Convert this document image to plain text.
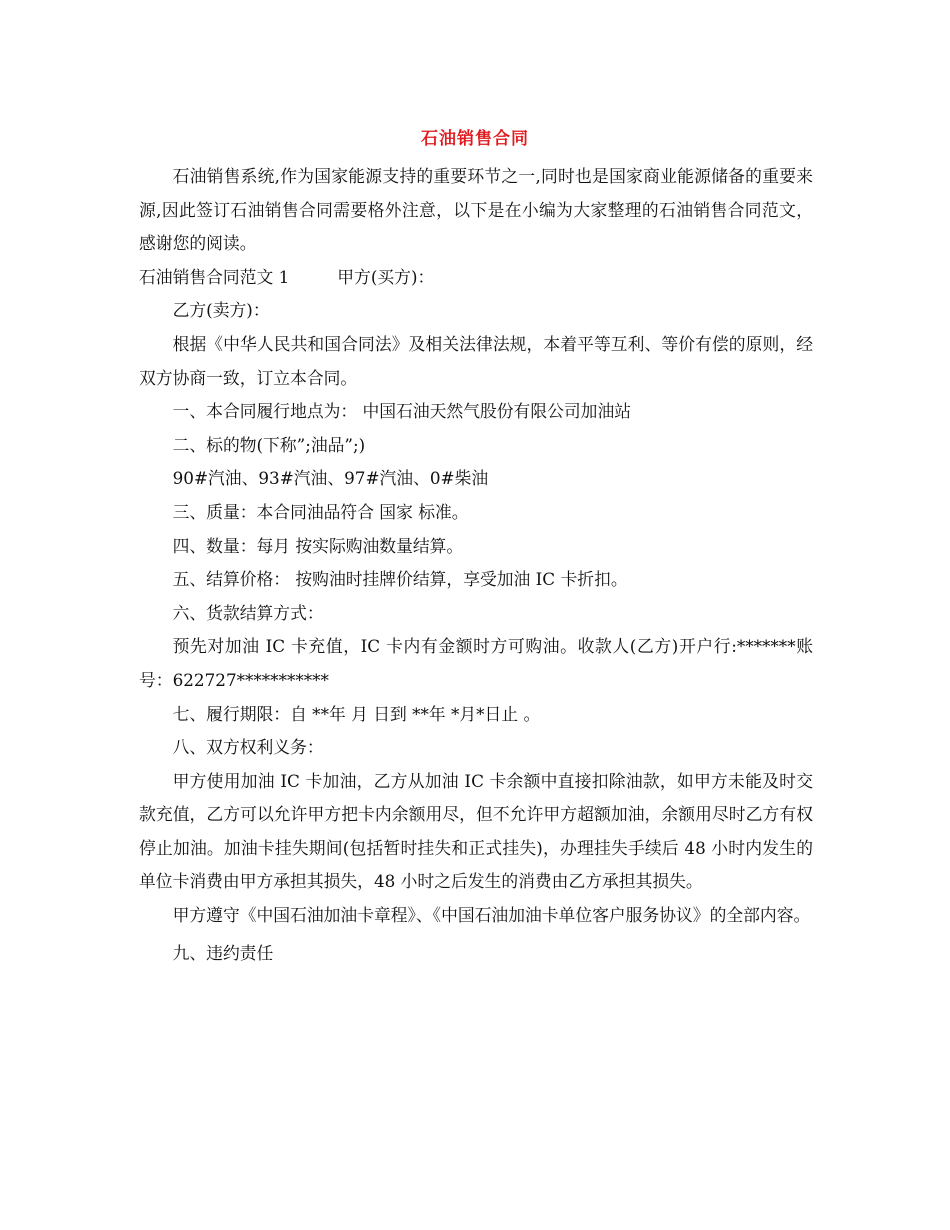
石油销售合同

石油销售系统,作为国家能源支持的重要环节之一,同时也是国家商业能源储备的重要来源,因此签订石油销售合同需要格外注意，以下是在小编为大家整理的石油销售合同范文，感谢您的阅读。

石油销售合同范文 1	甲方(买方)：

乙方(卖方)：

根据《中华人民共和国合同法》及相关法律法规，本着平等互利、等价有偿的原则，经双方协商一致，订立本合同。

一、本合同履行地点为： 中国石油天然气股份有限公司加油站

二、标的物(下称”;油品”;)

90#汽油、93#汽油、97#汽油、0#柴油

三、质量：本合同油品符合 国家 标准。

四、数量：每月 按实际购油数量结算。

五、结算价格： 按购油时挂牌价结算，享受加油 IC 卡折扣。

六、货款结算方式：

预先对加油 IC 卡充值，IC 卡内有金额时方可购油。收款人(乙方)开户行:*******账号：622727***********

七、履行期限：自 **年 月 日到 **年 *月*日止 。

八、双方权利义务：

甲方使用加油 IC 卡加油，乙方从加油 IC 卡余额中直接扣除油款，如甲方未能及时交款充值，乙方可以允许甲方把卡内余额用尽，但不允许甲方超额加油，余额用尽时乙方有权停止加油。加油卡挂失期间(包括暂时挂失和正式挂失)，办理挂失手续后 48 小时内发生的单位卡消费由甲方承担其损失，48 小时之后发生的消费由乙方承担其损失。

甲方遵守《中国石油加油卡章程》、《中国石油加油卡单位客户服务协议》的全部内容。

九、违约责任
